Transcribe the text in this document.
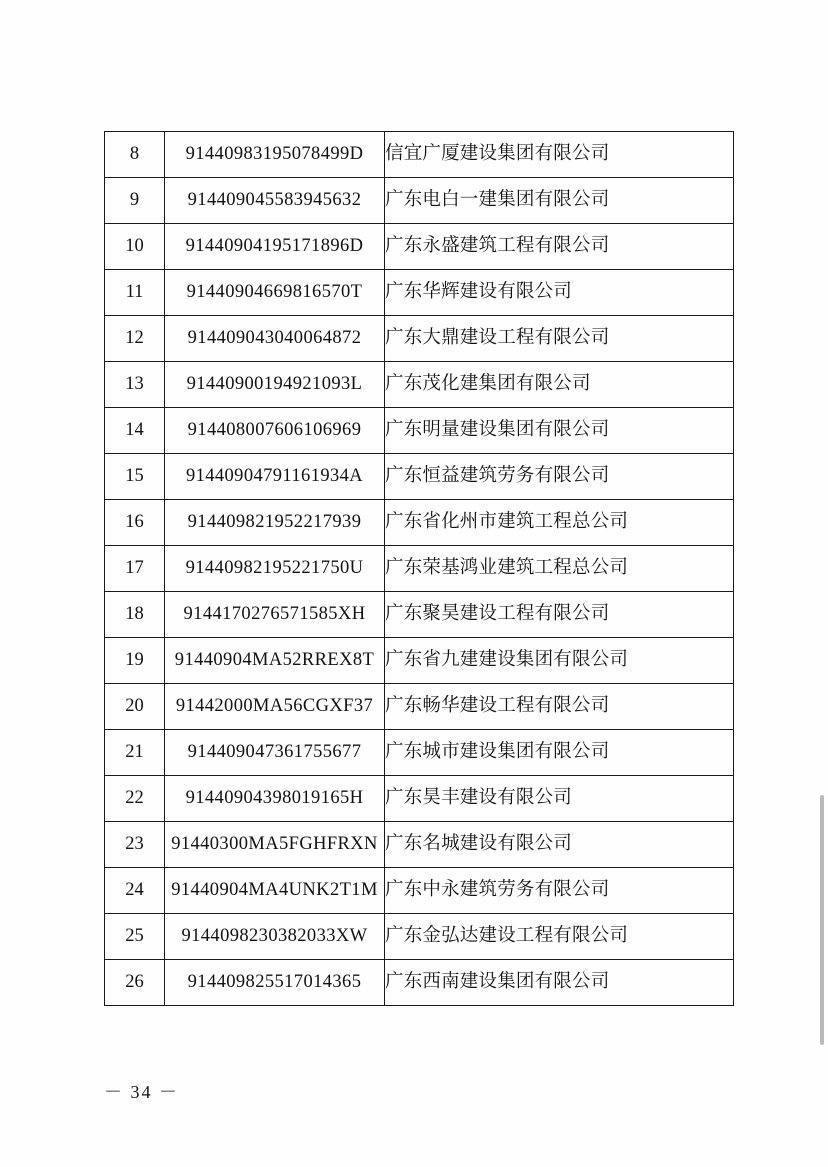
8	91440983195078499D	信宜广厦建设集团有限公司
9	914409045583945632	广东电白一建集团有限公司
10	91440904195171896D	广东永盛建筑工程有限公司
11	91440904669816570T	广东华辉建设有限公司
12	914409043040064872	广东大鼎建设工程有限公司
13	91440900194921093L	广东茂化建集团有限公司
14	914408007606106969	广东明量建设集团有限公司
15	91440904791161934A	广东恒益建筑劳务有限公司
16	914409821952217939	广东省化州市建筑工程总公司
17	91440982195221750U	广东荣基鸿业建筑工程总公司
18	9144170276571585XH	广东聚昊建设工程有限公司
19	91440904MA52RREX8T	广东省九建建设集团有限公司
20	91442000MA56CGXF37	广东畅华建设工程有限公司
21	914409047361755677	广东城市建设集团有限公司
22	91440904398019165H	广东昊丰建设有限公司
23	91440300MA5FGHFRXN	广东名城建设有限公司
24	91440904MA4UNK2T1M	广东中永建筑劳务有限公司
25	9144098230382033XW	广东金弘达建设工程有限公司
26	914409825517014365	广东西南建设集团有限公司
－ 34 －
